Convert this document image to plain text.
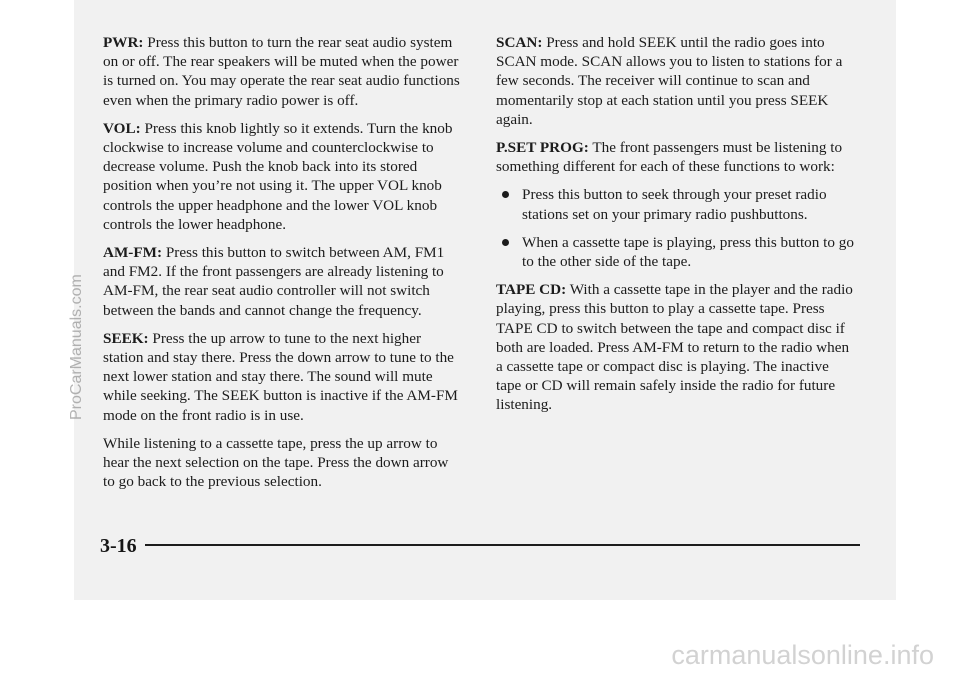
PWR: Press this button to turn the rear seat audio system on or off. The rear speakers will be muted when the power is turned on. You may operate the rear seat audio functions even when the primary radio power is off.

VOL: Press this knob lightly so it extends. Turn the knob clockwise to increase volume and counterclockwise to decrease volume. Push the knob back into its stored position when you’re not using it. The upper VOL knob controls the upper headphone and the lower VOL knob controls the lower headphone.

AM-FM: Press this button to switch between AM, FM1 and FM2. If the front passengers are already listening to AM-FM, the rear seat audio controller will not switch between the bands and cannot change the frequency.

SEEK: Press the up arrow to tune to the next higher station and stay there. Press the down arrow to tune to the next lower station and stay there. The sound will mute while seeking. The SEEK button is inactive if the AM-FM mode on the front radio is in use.

While listening to a cassette tape, press the up arrow to hear the next selection on the tape. Press the down arrow to go back to the previous selection.

SCAN: Press and hold SEEK until the radio goes into SCAN mode. SCAN allows you to listen to stations for a few seconds. The receiver will continue to scan and momentarily stop at each station until you press SEEK again.

P.SET PROG: The front passengers must be listening to something different for each of these functions to work:

Press this button to seek through your preset radio stations set on your primary radio pushbuttons.
When a cassette tape is playing, press this button to go to the other side of the tape.

TAPE CD: With a cassette tape in the player and the radio playing, press this button to play a cassette tape. Press TAPE CD to switch between the tape and compact disc if both are loaded. Press AM-FM to return to the radio when a cassette tape or compact disc is playing. The inactive tape or CD will remain safely inside the radio for future listening.

3-16
ProCarManuals.com
carmanualsonline.info
